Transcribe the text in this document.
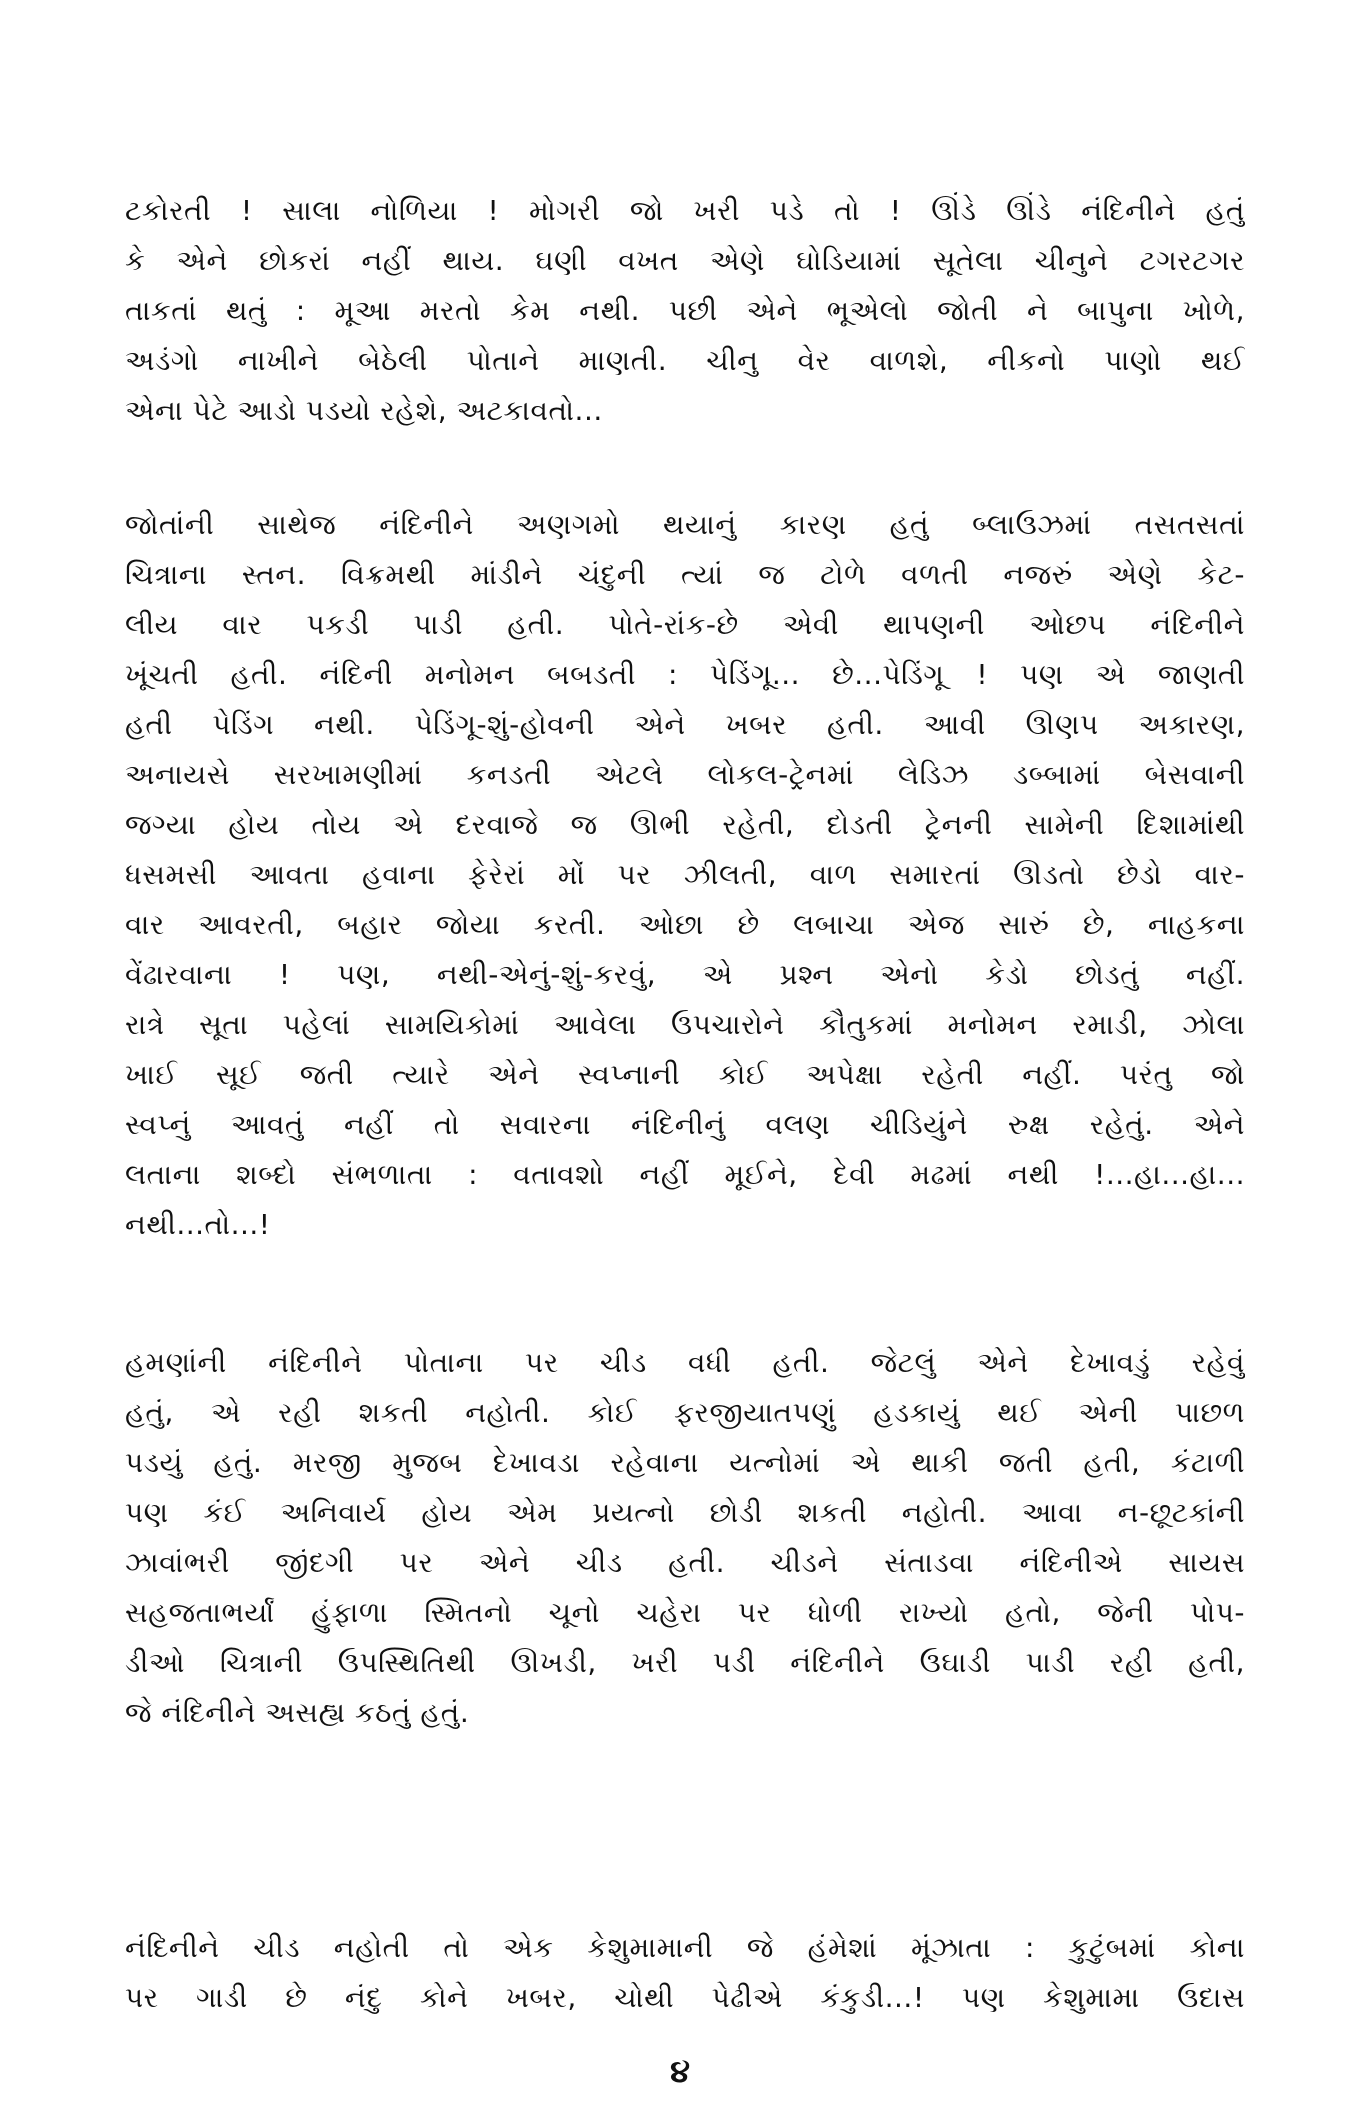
ટકોરતી ! સાલા નોળિયા ! મોગરી જો ખરી પડે તો ! ઊંડે ઊંડે નંદિનીને હતું
કે એને છોકરાં નહીં થાય. ઘણી વખત એણે ઘોડિયામાં સૂતેલા ચીનુને ટગરટગર
તાકતાં થતું : મૂઆ મરતો કેમ નથી. પછી એને ભૂએલો જોતી ને બાપુના ખોળે,
અડંગો નાખીને બેઠેલી પોતાને માણતી. ચીનુ વેર વાળશે, નીકનો પાણો થઈ
એના પેટે આડો પડયો રહેશે, અટકાવતો...
જોતાંની સાથેજ નંદિનીને અણગમો થયાનું કારણ હતું બ્લાઉઝમાં તસતસતાં
ચિત્રાના સ્તન. વિક્રમથી માંડીને ચંદુની ત્યાં જ ટોળે વળતી નજરું એણે કેટ-
લીય વાર પકડી પાડી હતી. પોતે-રાંક-છે એવી થાપણની ઓછપ નંદિનીને
ખૂંચતી હતી. નંદિની મનોમન બબડતી : પેડિંગૂ... છે...પેડિંગૂ ! પણ એ જાણતી
હતી પેડિંગ નથી. પેડિંગૂ-શું-હોવની એને ખબર હતી. આવી ઊણપ અકારણ,
અનાયસે સરખામણીમાં કનડતી એટલે લોકલ-ટ્રેનમાં લેડિઝ ડબ્બામાં બેસવાની
જગ્યા હોય તોય એ દરવાજે જ ઊભી રહેતી, દોડતી ટ્રેનની સામેની દિશામાંથી
ધસમસી આવતા હવાના ફેરેરાં મોં પર ઝીલતી, વાળ સમારતાં ઊડતો છેડો વાર-
વાર આવરતી, બહાર જોયા કરતી. ઓછા છે લબાચા એજ સારું છે, નાહકના
વેંઢારવાના ! પણ, નથી-એનું-શું-કરવું, એ પ્રશ્ન એનો કેડો છોડતું નહીં.
રાત્રે સૂતા પહેલાં સામયિકોમાં આવેલા ઉપચારોને કૌતુકમાં મનોમન રમાડી, ઝોલા
ખાઈ સૂઈ જતી ત્યારે એને સ્વપ્નાની કોઈ અપેક્ષા રહેતી નહીં. પરંતુ જો
સ્વપ્નું આવતું નહીં તો સવારના નંદિનીનું વલણ ચીડિયુંને રુક્ષ રહેતું. એને
લતાના શબ્દો સંભળાતા : વતાવશો નહીં મૂઈને, દેવી મઢમાં નથી !...હા...હા...
નથી...તો...!
હમણાંની નંદિનીને પોતાના પર ચીડ વધી હતી. જેટલું એને દેખાવડું રહેવું
હતું, એ રહી શકતી નહોતી. કોઈ ફરજીયાતપણું હડકાયું થઈ એની પાછળ
પડયું હતું. મરજી મુજબ દેખાવડા રહેવાના યત્નોમાં એ થાકી જતી હતી, કંટાળી
પણ કંઈ અનિવાર્ય હોય એમ પ્રયત્નો છોડી શકતી નહોતી. આવા ન-છૂટકાંની
ઝાવાંભરી જીંદગી પર એને ચીડ હતી. ચીડને સંતાડવા નંદિનીએ સાયસ
સહજતાભર્યાં હુંફાળા સ્મિતનો ચૂનો ચહેરા પર ધોળી રાખ્યો હતો, જેની પોપ-
ડીઓ ચિત્રાની ઉપસ્થિતિથી ઊખડી, ખરી પડી નંદિનીને ઉઘાડી પાડી રહી હતી,
જે નંદિનીને અસહ્ય કઠતું હતું.
નંદિનીને ચીડ નહોતી તો એક કેશુમામાની જે હંમેશાં મૂંઝાતા : કુટુંબમાં કોના
પર ગાડી છે નંદુ કોને ખબર, ચોથી પેઢીએ કંકુડી...! પણ કેશુમામા ઉદાસ
૪
